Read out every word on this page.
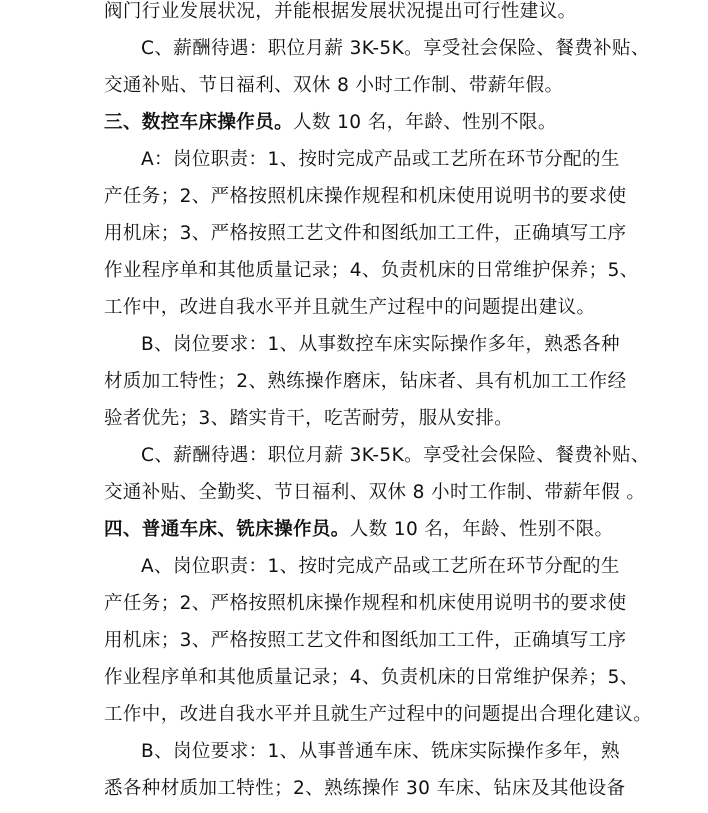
阀门行业发展状况，并能根据发展状况提出可行性建议。
C、薪酬待遇：职位月薪 3K-5K。享受社会保险、餐费补贴、
交通补贴、节日福利、双休 8 小时工作制、带薪年假。
三、数控车床操作员。人数 10 名，年龄、性别不限。
A：岗位职责：1、按时完成产品或工艺所在环节分配的生
产任务；2、严格按照机床操作规程和机床使用说明书的要求使
用机床；3、严格按照工艺文件和图纸加工工件，正确填写工序
作业程序单和其他质量记录；4、负责机床的日常维护保养；5、
工作中，改进自我水平并且就生产过程中的问题提出建议。
B、岗位要求：1、从事数控车床实际操作多年，熟悉各种
材质加工特性；2、熟练操作磨床，钻床者、具有机加工工作经
验者优先；3、踏实肯干，吃苦耐劳，服从安排。
C、薪酬待遇：职位月薪 3K-5K。享受社会保险、餐费补贴、
交通补贴、全勤奖、节日福利、双休 8 小时工作制、带薪年假 。
四、普通车床、铣床操作员。人数 10 名，年龄、性别不限。
A、岗位职责：1、按时完成产品或工艺所在环节分配的生
产任务；2、严格按照机床操作规程和机床使用说明书的要求使
用机床；3、严格按照工艺文件和图纸加工工件，正确填写工序
作业程序单和其他质量记录；4、负责机床的日常维护保养；5、
工作中，改进自我水平并且就生产过程中的问题提出合理化建议。
B、岗位要求：1、从事普通车床、铣床实际操作多年，熟
悉各种材质加工特性；2、熟练操作 30 车床、钻床及其他设备
